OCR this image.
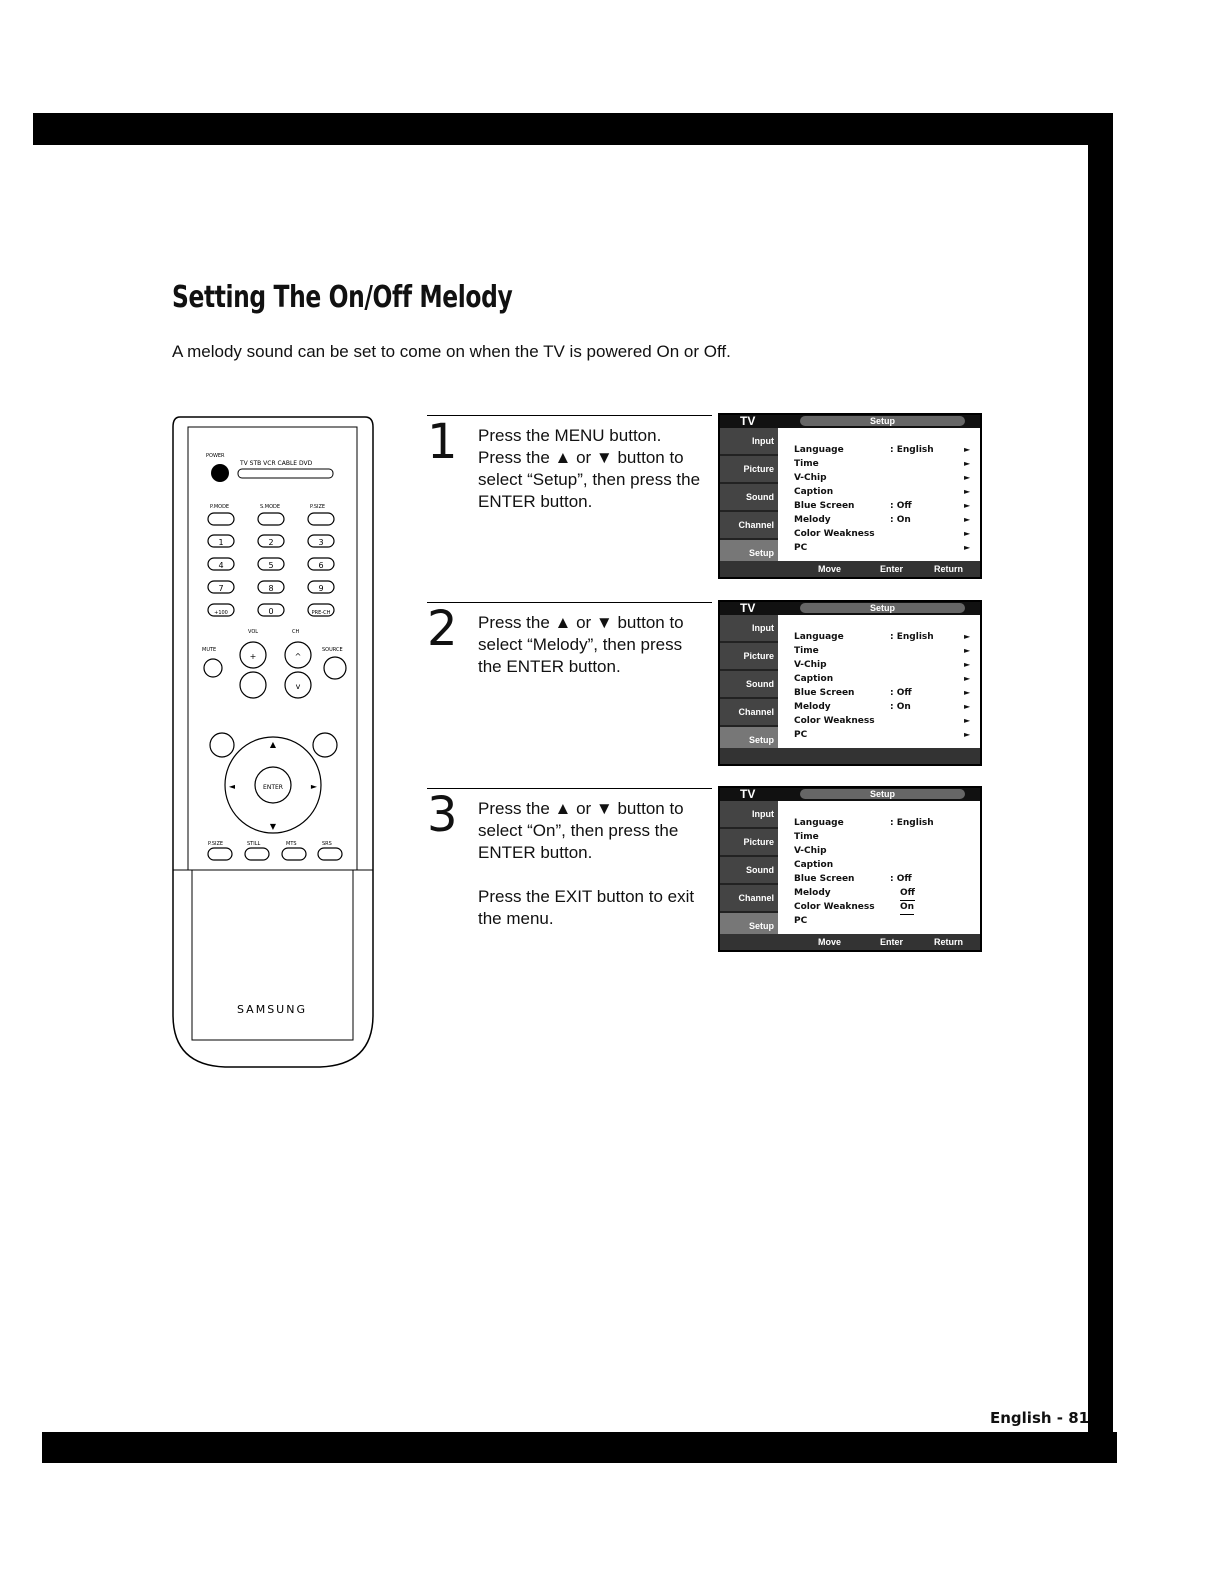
Setting The On/Off Melody
A melody sound can be set to come on when the TV is powered On or Off.
POWER
TV STB VCR CABLE DVD
P.MODE	S.MODE	P.SIZE
1	2	3
4	5	6
7	8	9
+100	0	PRE-CH
+	^
v
ENTER
▲
▼
◄	►
VOL	CH
MUTE	SOURCE
P.SIZE	STILL	MTS	SRS
SAMSUNG
1 Press the MENU button.

Press the ▲ or ▼ button to select “Setup”, then press the ENTER button.

TV	Setup
Input
Picture
Sound
Channel
Setup
Language	: English	►
Time	►
V-Chip	►
Caption	►
Blue Screen	: Off	►
Melody	: On	►
Color Weakness	►
PC	►
Move	Enter	Return
2 Press the ▲ or ▼ button to select “Melody”, then press the ENTER button.

TV	Setup
Input
Picture
Sound
Channel
Setup
Language	: English	►
Time	►
V-Chip	►
Caption	►
Blue Screen	: Off	►
Melody	: On	►
Color Weakness	►
PC	►
3 Press the ▲ or ▼ button to select “On”, then press the ENTER button.

Press the EXIT button to exit the menu.

TV	Setup
Input
Picture
Sound
Channel
Setup
Language	: English
Time
V-Chip
Caption
Blue Screen	: Off
Melody	Off
Color Weakness	On
PC
Move	Enter	Return
English - 81
